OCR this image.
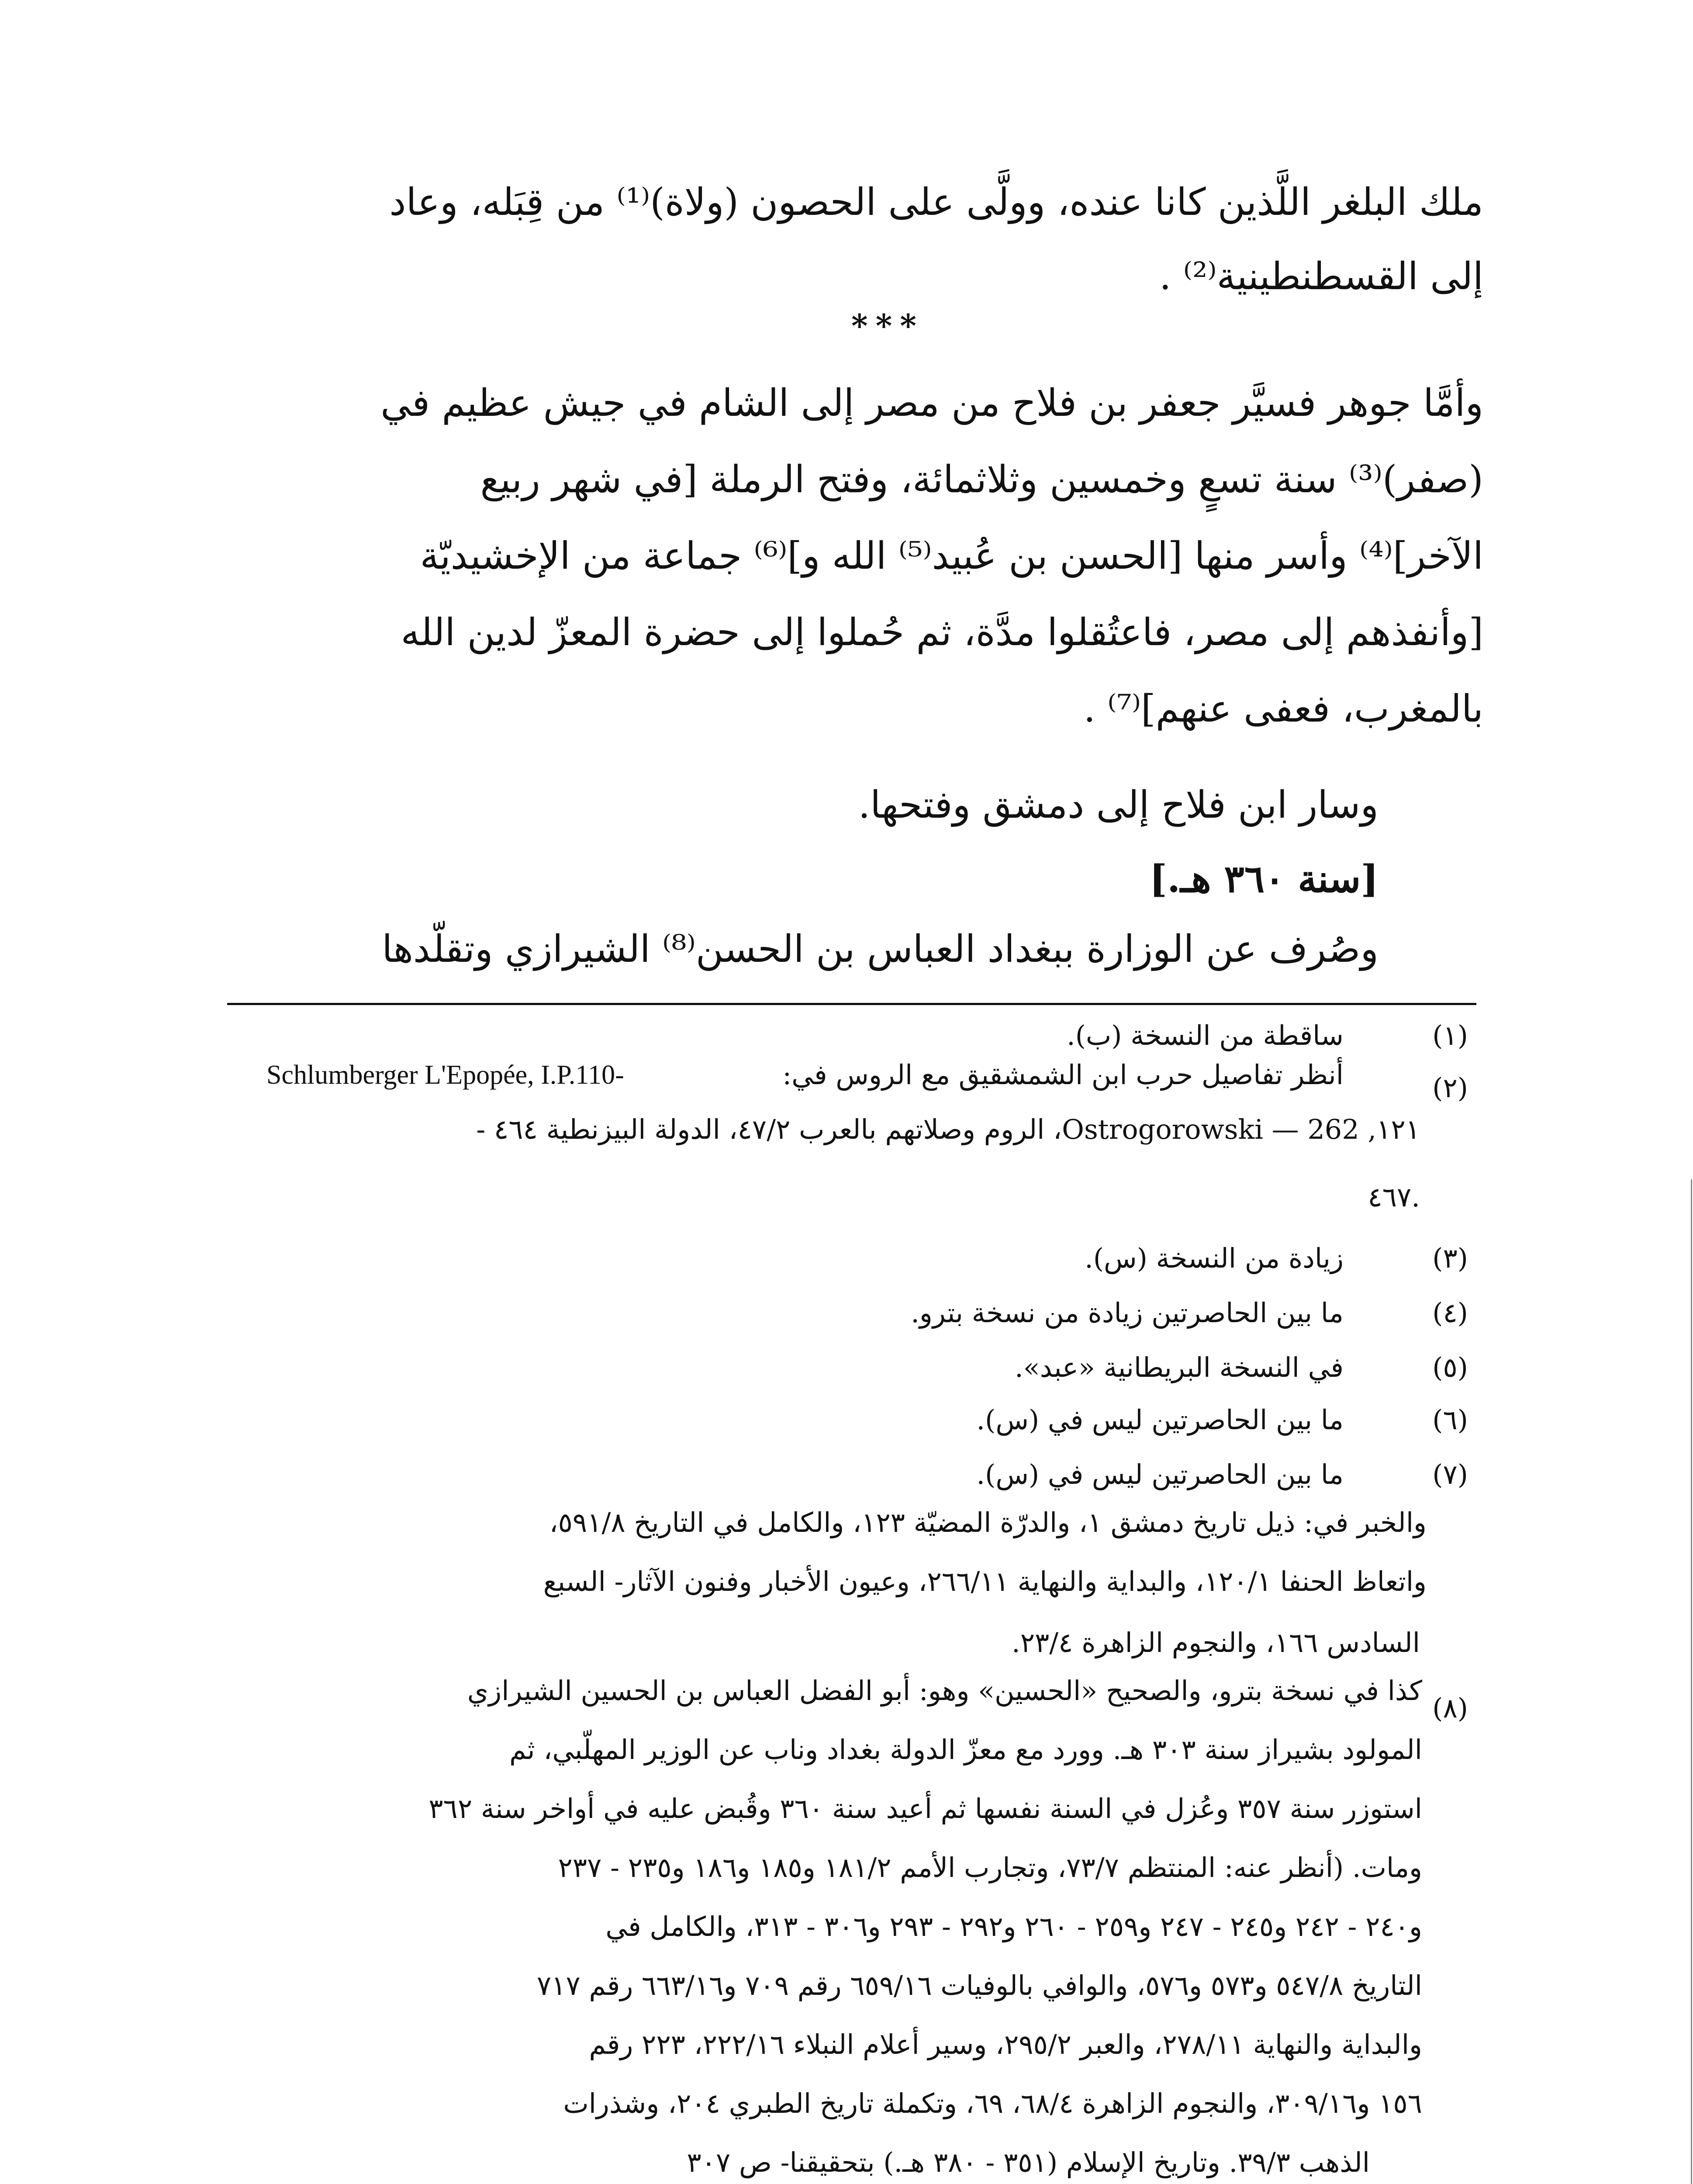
ملك البلغر اللَّذين كانا عنده، وولَّى على الحصون (ولاة)⁽¹⁾ من قِبَله، وعاد
إلى القسطنطينية⁽²⁾ .
***
وأمَّا جوهر فسيَّر جعفر بن فلاح من مصر إلى الشام في جيش عظيم في
(صفر)⁽³⁾ سنة تسعٍ وخمسين وثلاثمائة، وفتح الرملة [في شهر ربيع
الآخر]⁽⁴⁾ وأسر منها [الحسن بن عُبيد⁽⁵⁾ الله و]⁽⁶⁾ جماعة من الإخشيديّة
[وأنفذهم إلى مصر، فاعتُقلوا مدَّة، ثم حُملوا إلى حضرة المعزّ لدين الله
بالمغرب، فعفى عنهم]⁽⁷⁾ .
وسار ابن فلاح إلى دمشق وفتحها.
[سنة ٣٦٠ هـ.]
وصُرف عن الوزارة ببغداد العباس بن الحسن⁽⁸⁾ الشيرازي وتقلّدها
(١)
ساقطة من النسخة (ب).
(٢)
أنظر تفاصيل حرب ابن الشمشقيق مع الروس في:
Schlumberger L'Epopée, I.P.110-
١٢١, Ostrogorowski — 262، الروم وصلاتهم بالعرب ٤٧/٢، الدولة البيزنطية ٤٦٤ -
.٤٦٧
(٣)
زيادة من النسخة (س).
(٤)
ما بين الحاصرتين زيادة من نسخة بترو.
(٥)
في النسخة البريطانية «عبد».
(٦)
ما بين الحاصرتين ليس في (س).
(٧)
ما بين الحاصرتين ليس في (س).
والخبر في: ذيل تاريخ دمشق ١، والدرّة المضيّة ١٢٣، والكامل في التاريخ ٥٩١/٨،
واتعاظ الحنفا ١٢٠/١، والبداية والنهاية ٢٦٦/١١، وعيون الأخبار وفنون الآثار- السبع
السادس ١٦٦، والنجوم الزاهرة ٢٣/٤.
(٨)
كذا في نسخة بترو، والصحيح «الحسين» وهو: أبو الفضل العباس بن الحسين الشيرازي
المولود بشيراز سنة ٣٠٣ هـ. وورد مع معزّ الدولة بغداد وناب عن الوزير المهلّبي، ثم
استوزر سنة ٣٥٧ وعُزل في السنة نفسها ثم أعيد سنة ٣٦٠ وقُبض عليه في أواخر سنة ٣٦٢
ومات. (أنظر عنه: المنتظم ٧٣/٧، وتجارب الأمم ١٨١/٢ و١٨٥ و١٨٦ و٢٣٥ - ٢٣٧
و٢٤٠ - ٢٤٢ و٢٤٥ - ٢٤٧ و٢٥٩ - ٢٦٠ و٢٩٢ - ٢٩٣ و٣٠٦ - ٣١٣، والكامل في
التاريخ ٥٤٧/٨ و٥٧٣ و٥٧٦، والوافي بالوفيات ٦٥٩/١٦ رقم ٧٠٩ و٦٦٣/١٦ رقم ٧١٧
والبداية والنهاية ٢٧٨/١١، والعبر ٢٩٥/٢، وسير أعلام النبلاء ٢٢٢/١٦، ٢٢٣ رقم
١٥٦ و٣٠٩/١٦، والنجوم الزاهرة ٦٨/٤، ٦٩، وتكملة تاريخ الطبري ٢٠٤، وشذرات
الذهب ٣٩/٣. وتاريخ الإسلام (٣٥١ - ٣٨٠ هـ.) بتحقيقنا- ص ٣٠٧
